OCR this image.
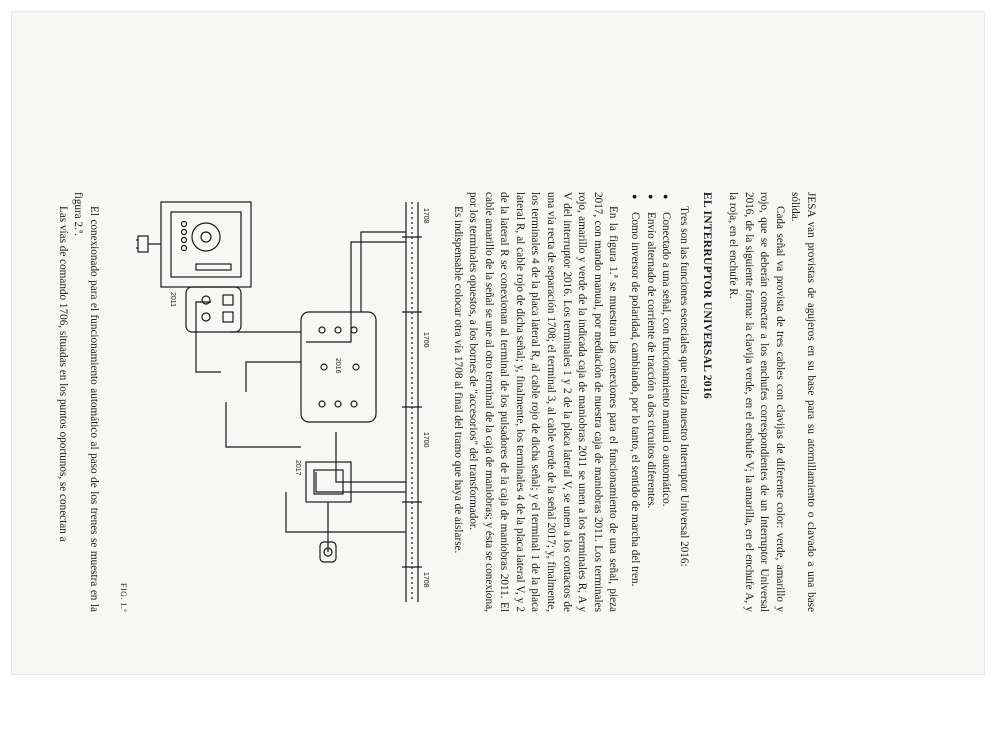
JESA van provistas de agujeros en su base para su atornillamiento o clavado a una base sólida.

Cada señal va provista de tres cables con clavijas de diferente color: verde, amarillo y rojo, que se deberán conectar a los enchufes correspondientes de un Interruptor Universal 2016, de la siguiente forma: la clavija verde, en el enchufe V; la amarilla, en el enchufe A, y la roja, en el enchufe R.

EL INTERRUPTOR UNIVERSAL 2016

Tres son las funciones esenciales que realiza nuestro Interruptor Universal 2016:

● Conectado a una señal, con funcionamiento manual o automático.
● Envío alternado de corriente de tracción a dos circuitos diferentes.
● Como inversor de polaridad, cambiando, por lo tanto, el sentido de marcha del tren.

En la figura 1.ª se muestran las conexiones para el funcionamiento de una señal, pieza 2017, con mando manual, por mediación de nuestra caja de maniobras 2011. Los terminales rojo, amarillo y verde de la indicada caja de maniobras 2011 se unen a los terminales R, A y V del interruptor 2016. Los terminales 1 y 2 de la placa lateral V, se unen a los contactos de una vía recta de separación 1708; el terminal 3, al cable verde de la señal 2017; y, finalmente, los terminales 4 de la placa lateral R, al cable rojo de dicha señal; y el terminal 1 de la placa lateral R, al cable rojo de dicha señal; y, finalmente, los terminales 4 de la placa lateral V, y 2 de la lateral R se conexionan al terminal de los pulsadores de la caja de maniobras 2011. El cable amarillo de la señal se une al otro terminal de la caja de maniobras; y ésta se conexiona, por los terminales opuestos, a los bornes de "accesorios" del transformador.

Es indispensable colocar otra vía 1708 al final del tramo que haya de aislarse.

1708
1700
1700
1708
2016
2011
2017
FIG. 1.ª

El conexionado para el funcionamiento automático al paso de los trenes se muestra en la figura 2.ª.

Las vías de comando 1706, situadas en los puntos oportunos, se conectan a
